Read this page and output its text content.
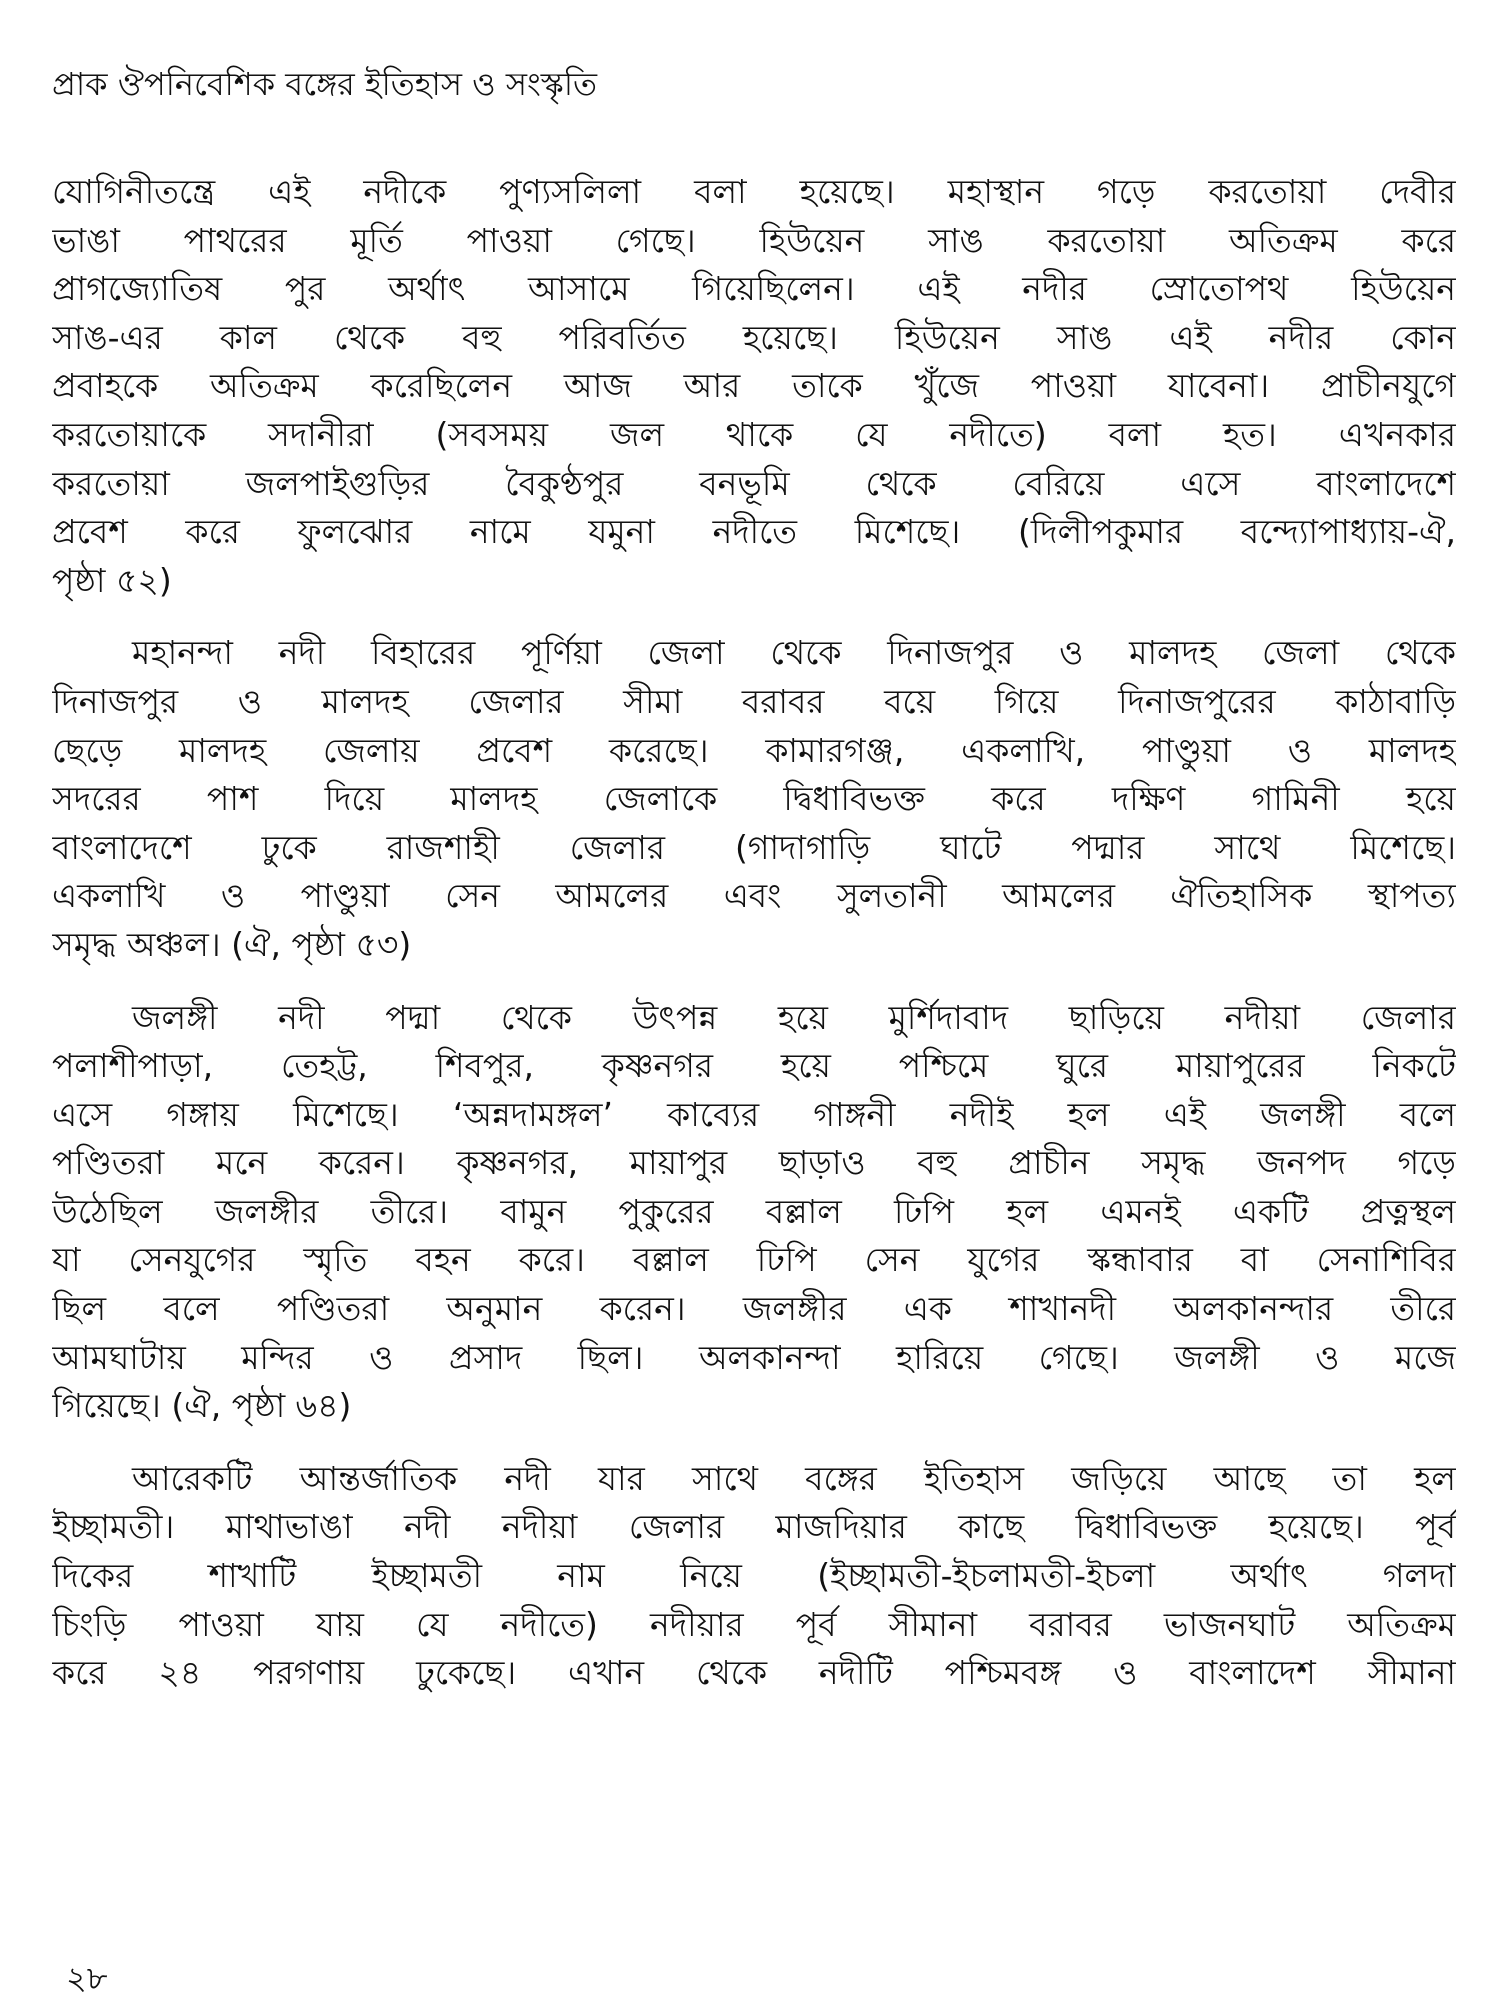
প্রাক ঔপনিবেশিক বঙ্গের ইতিহাস ও সংস্কৃতি
যোগিনীতন্ত্রে এই নদীকে পুণ্যসলিলা বলা হয়েছে। মহাস্থান গড়ে করতোয়া দেবীর
ভাঙা পাথরের মূর্তি পাওয়া গেছে। হিউয়েন সাঙ করতোয়া অতিক্রম করে
প্রাগজ্যোতিষ পুর অর্থাৎ আসামে গিয়েছিলেন। এই নদীর স্রোতোপথ হিউয়েন
সাঙ-এর কাল থেকে বহু পরিবর্তিত হয়েছে। হিউয়েন সাঙ এই নদীর কোন
প্রবাহকে অতিক্রম করেছিলেন আজ আর তাকে খুঁজে পাওয়া যাবেনা। প্রাচীনযুগে
করতোয়াকে সদানীরা (সবসময় জল থাকে যে নদীতে) বলা হত। এখনকার
করতোয়া জলপাইগুড়ির বৈকুণ্ঠপুর বনভূমি থেকে বেরিয়ে এসে বাংলাদেশে
প্রবেশ করে ফুলঝোর নামে যমুনা নদীতে মিশেছে। (দিলীপকুমার বন্দ্যোপাধ্যায়-ঐ,
পৃষ্ঠা ৫২)
মহানন্দা নদী বিহারের পূর্ণিয়া জেলা থেকে দিনাজপুর ও মালদহ জেলা থেকে
দিনাজপুর ও মালদহ জেলার সীমা বরাবর বয়ে গিয়ে দিনাজপুরের কাঠাবাড়ি
ছেড়ে মালদহ জেলায় প্রবেশ করেছে। কামারগঞ্জ, একলাখি, পাণ্ডুয়া ও মালদহ
সদরের পাশ দিয়ে মালদহ জেলাকে দ্বিধাবিভক্ত করে দক্ষিণ গামিনী হয়ে
বাংলাদেশে ঢুকে রাজশাহী জেলার (গাদাগাড়ি ঘাটে পদ্মার সাথে মিশেছে।
একলাখি ও পাণ্ডুয়া সেন আমলের এবং সুলতানী আমলের ঐতিহাসিক স্থাপত্য
সমৃদ্ধ অঞ্চল। (ঐ, পৃষ্ঠা ৫৩)
জলঙ্গী নদী পদ্মা থেকে উৎপন্ন হয়ে মুর্শিদাবাদ ছাড়িয়ে নদীয়া জেলার
পলাশীপাড়া, তেহট্ট, শিবপুর, কৃষ্ণনগর হয়ে পশ্চিমে ঘুরে মায়াপুরের নিকটে
এসে গঙ্গায় মিশেছে। ‘অন্নদামঙ্গল’ কাব্যের গাঙ্গনী নদীই হল এই জলঙ্গী বলে
পণ্ডিতরা মনে করেন। কৃষ্ণনগর, মায়াপুর ছাড়াও বহু প্রাচীন সমৃদ্ধ জনপদ গড়ে
উঠেছিল জলঙ্গীর তীরে। বামুন পুকুরের বল্লাল ঢিপি হল এমনই একটি প্রত্নস্থল
যা সেনযুগের স্মৃতি বহন করে। বল্লাল ঢিপি সেন যুগের স্কন্ধাবার বা সেনাশিবির
ছিল বলে পণ্ডিতরা অনুমান করেন। জলঙ্গীর এক শাখানদী অলকানন্দার তীরে
আমঘাটায় মন্দির ও প্রসাদ ছিল। অলকানন্দা হারিয়ে গেছে। জলঙ্গী ও মজে
গিয়েছে। (ঐ, পৃষ্ঠা ৬৪)
আরেকটি আন্তর্জাতিক নদী যার সাথে বঙ্গের ইতিহাস জড়িয়ে আছে তা হল
ইচ্ছামতী। মাথাভাঙা নদী নদীয়া জেলার মাজদিয়ার কাছে দ্বিধাবিভক্ত হয়েছে। পূর্ব
দিকের শাখাটি ইচ্ছামতী নাম নিয়ে (ইচ্ছামতী-ইচলামতী-ইচলা অর্থাৎ গলদা
চিংড়ি পাওয়া যায় যে নদীতে) নদীয়ার পূর্ব সীমানা বরাবর ভাজনঘাট অতিক্রম
করে ২৪ পরগণায় ঢুকেছে। এখান থেকে নদীটি পশ্চিমবঙ্গ ও বাংলাদেশ সীমানা
২৮
